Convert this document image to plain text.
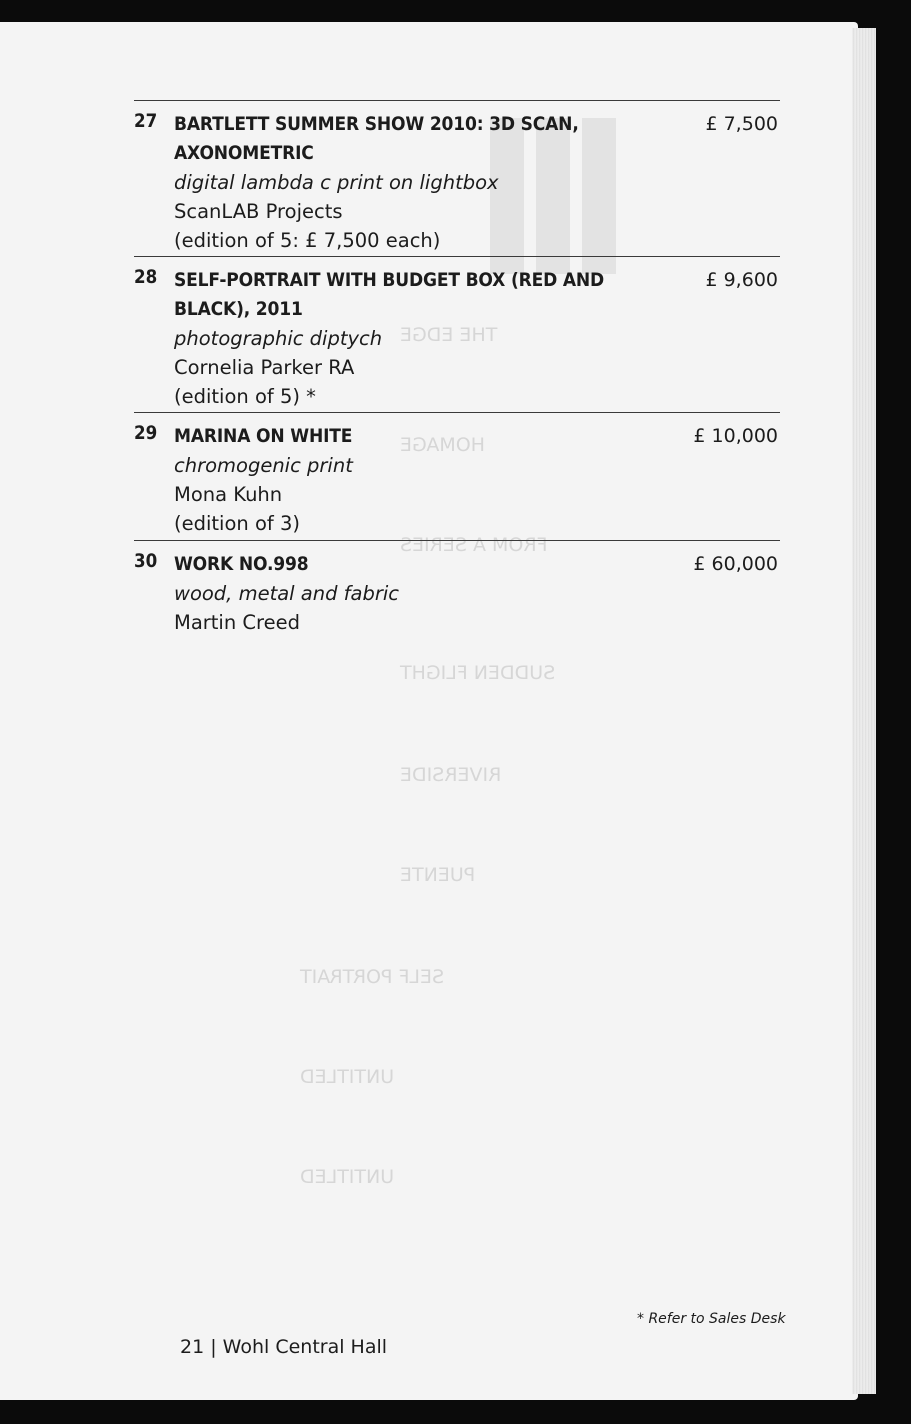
THE EDGE
HOMAGE
FROM A SERIES
SUDDEN FLIGHT
RIVERSIDE
PUENTE
SELF PORTRAIT
UNTITLED
UNTITLED
27 BARTLETT SUMMER SHOW 2010: 3D SCAN, AXONOMETRIC
digital lambda c print on lightbox
ScanLAB Projects
(edition of 5: £ 7,500 each)
£ 7,500
28 SELF-PORTRAIT WITH BUDGET BOX (RED AND BLACK), 2011
photographic diptych
Cornelia Parker RA
(edition of 5) *
£ 9,600
29 MARINA ON WHITE
chromogenic print
Mona Kuhn
(edition of 3)
£ 10,000
30 WORK NO.998
wood, metal and fabric
Martin Creed
£ 60,000
* Refer to Sales Desk
21 | Wohl Central Hall
